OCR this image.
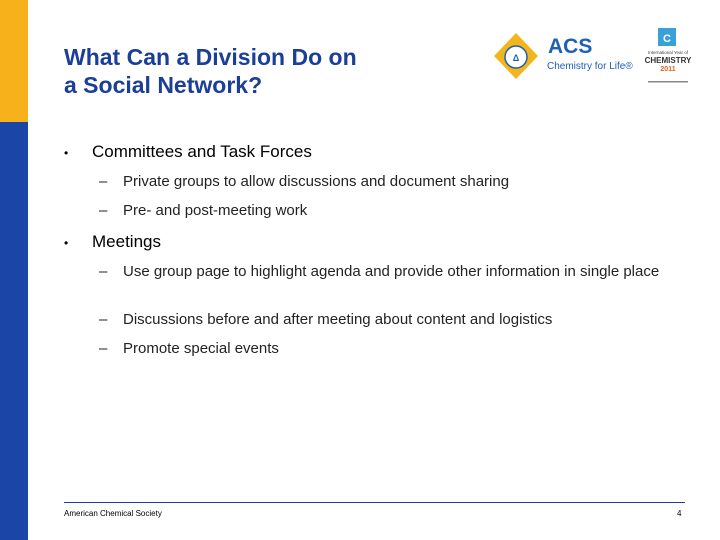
What Can a Division Do on
a Social Network?
Δ ACS
Chemistry for Life®
C
International Year of
CHEMISTRY
2011
• Committees and Task Forces
– Private groups to allow discussions and document sharing
– Pre- and post-meeting work
• Meetings
– Use group page to highlight agenda and provide other information in single place
– Discussions before and after meeting about content and logistics
– Promote special events
American Chemical Society	4
